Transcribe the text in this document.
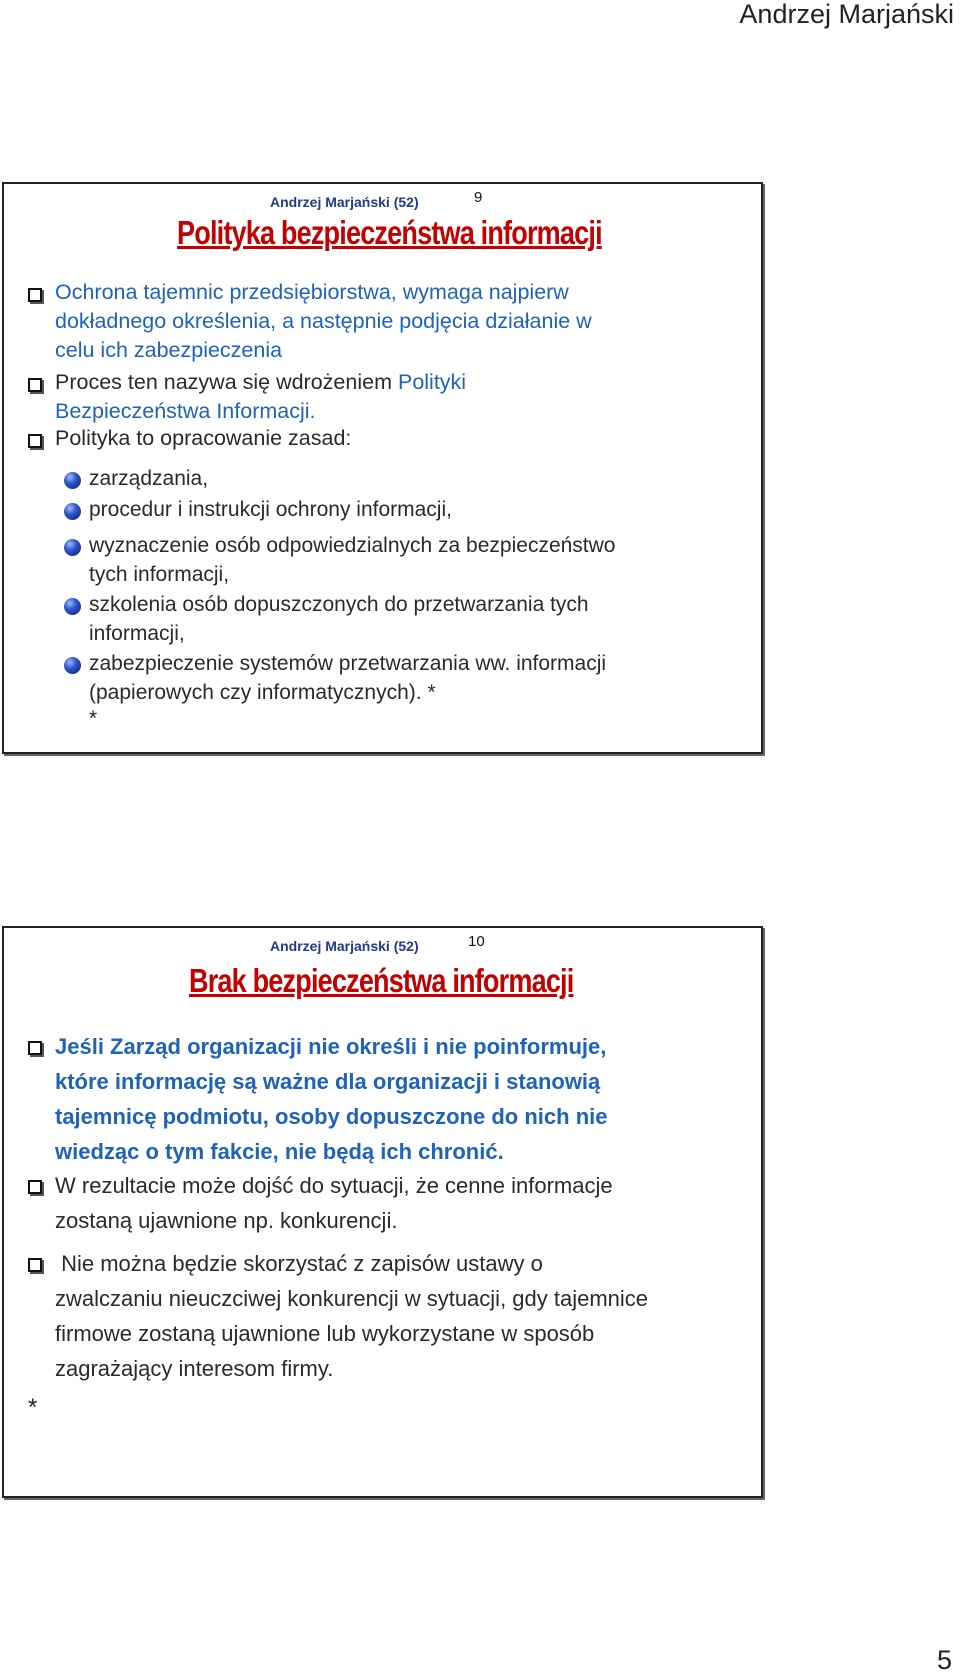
Andrzej Marjański
Andrzej Marjański (52)	9
Polityka bezpieczeństwa informacji
Ochrona tajemnic przedsiębiorstwa, wymaga najpierw
dokładnego określenia, a następnie podjęcia działanie w
celu ich zabezpieczenia
Proces ten nazywa się wdrożeniem Polityki
Bezpieczeństwa Informacji.
Polityka to opracowanie zasad:
zarządzania,
procedur i instrukcji ochrony informacji,
wyznaczenie osób odpowiedzialnych za bezpieczeństwo
tych informacji,
szkolenia osób dopuszczonych do przetwarzania tych
informacji,
zabezpieczenie systemów przetwarzania ww. informacji
(papierowych czy informatycznych). *
*
Andrzej Marjański (52)	10
Brak bezpieczeństwa informacji
Jeśli Zarząd organizacji nie określi i nie poinformuje,
które informację są ważne dla organizacji i stanowią
tajemnicę podmiotu, osoby dopuszczone do nich nie
wiedząc o tym fakcie, nie będą ich chronić.
W rezultacie może dojść do sytuacji, że cenne informacje
zostaną ujawnione np. konkurencji.
Nie można będzie skorzystać z zapisów ustawy o
zwalczaniu nieuczciwej konkurencji w sytuacji, gdy tajemnice
firmowe zostaną ujawnione lub wykorzystane w sposób
zagrażający interesom firmy.
*
5
